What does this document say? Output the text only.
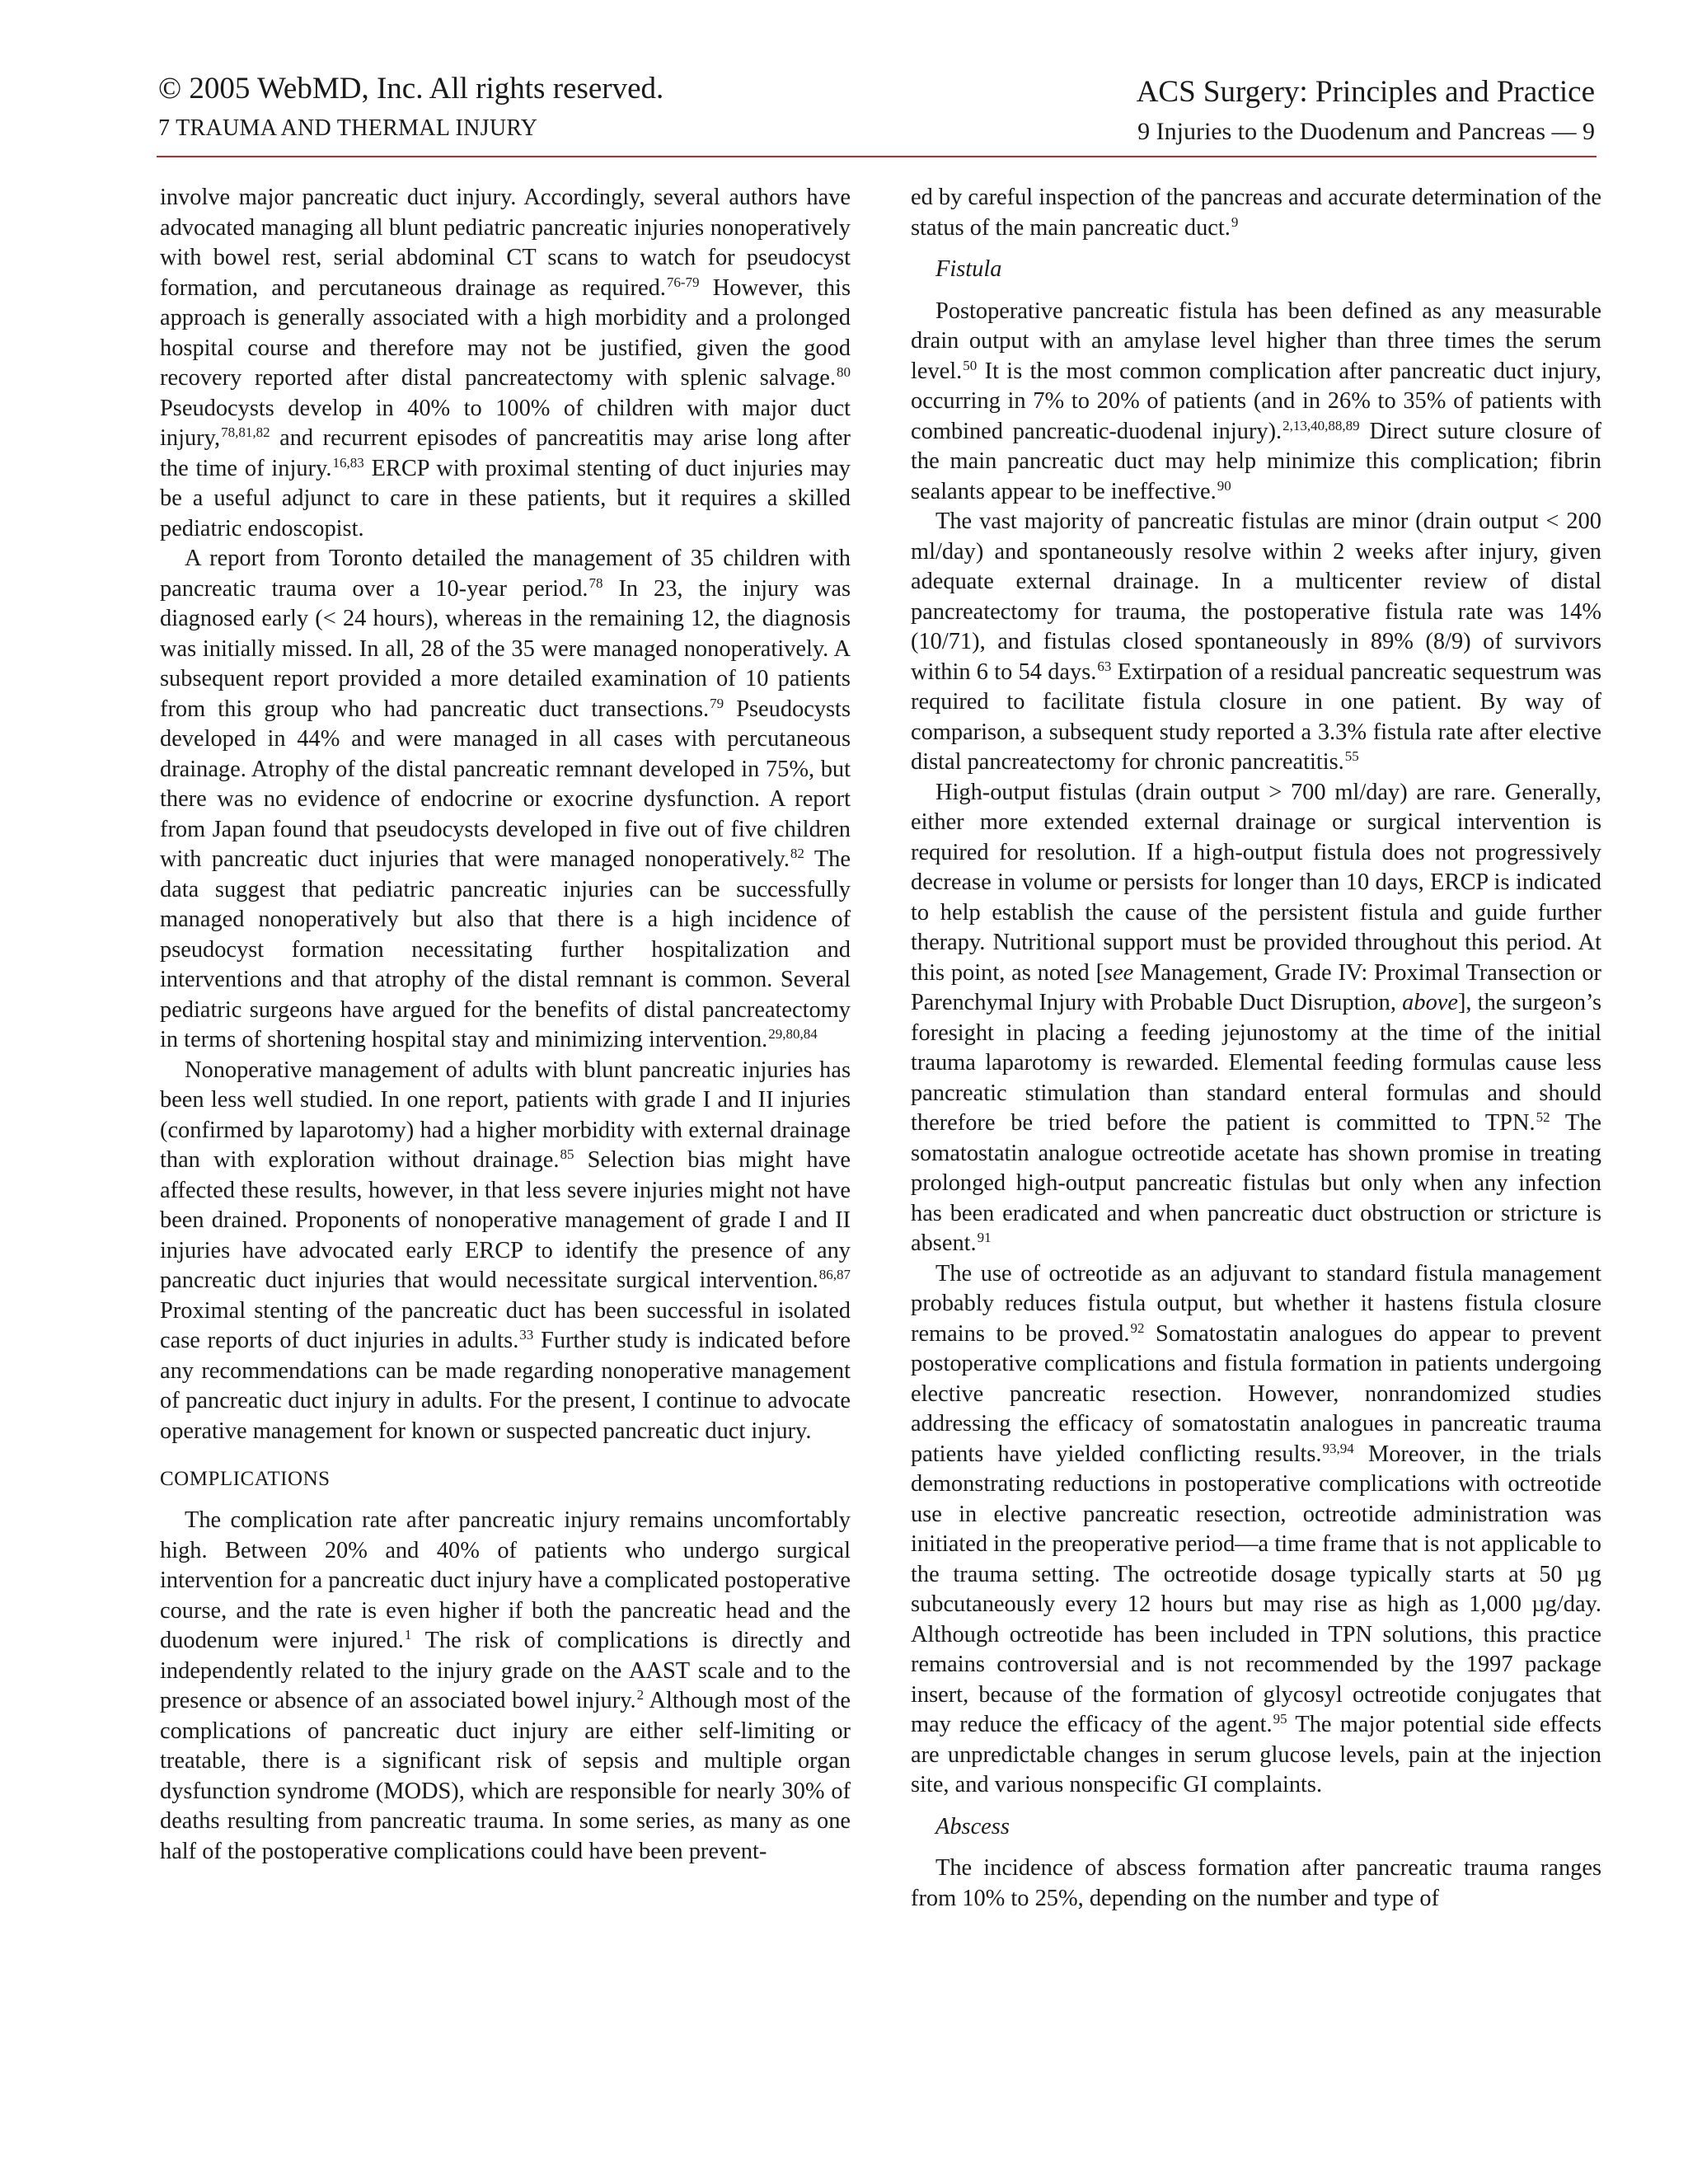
© 2005 WebMD, Inc. All rights reserved.
7 TRAUMA AND THERMAL INJURY
ACS Surgery: Principles and Practice
9 Injuries to the Duodenum and Pancreas — 9

involve major pancreatic duct injury. Accordingly, several authors have advocated managing all blunt pediatric pancreatic injuries nonoperatively with bowel rest, serial abdominal CT scans to watch for pseudocyst formation, and percutaneous drainage as required.$^{76-79}$ However, this approach is generally associated with a high morbidity and a prolonged hospital course and therefore may not be justified, given the good recovery reported after distal pancreatectomy with splenic salvage.$^{80}$ Pseudocysts develop in 40% to 100% of children with major duct injury,$^{78,81,82}$ and recurrent episodes of pancreatitis may arise long after the time of injury.$^{16,83}$ ERCP with proximal stenting of duct injuries may be a useful adjunct to care in these patients, but it requires a skilled pediatric endoscopist.

A report from Toronto detailed the management of 35 children with pancreatic trauma over a 10-year period.$^{78}$ In 23, the injury was diagnosed early (< 24 hours), whereas in the remaining 12, the diagnosis was initially missed. In all, 28 of the 35 were managed nonoperatively. A subsequent report provided a more detailed examination of 10 patients from this group who had pancreatic duct transections.$^{79}$ Pseudocysts developed in 44% and were managed in all cases with percutaneous drainage. Atrophy of the distal pancreatic remnant developed in 75%, but there was no evidence of endocrine or exocrine dysfunction. A report from Japan found that pseudocysts developed in five out of five children with pancreatic duct injuries that were managed nonoperatively.$^{82}$ The data suggest that pediatric pancreatic injuries can be successfully managed nonoperatively but also that there is a high incidence of pseudocyst formation necessitating further hospitalization and interventions and that atrophy of the distal remnant is common. Several pediatric surgeons have argued for the benefits of distal pancreatectomy in terms of shortening hospital stay and minimizing intervention.$^{29,80,84}$

Nonoperative management of adults with blunt pancreatic injuries has been less well studied. In one report, patients with grade I and II injuries (confirmed by laparotomy) had a higher morbidity with external drainage than with exploration without drainage.$^{85}$ Selection bias might have affected these results, however, in that less severe injuries might not have been drained. Proponents of nonoperative management of grade I and II injuries have advocated early ERCP to identify the presence of any pancreatic duct injuries that would necessitate surgical intervention.$^{86,87}$ Proximal stenting of the pancreatic duct has been successful in isolated case reports of duct injuries in adults.$^{33}$ Further study is indicated before any recommendations can be made regarding nonoperative management of pancreatic duct injury in adults. For the present, I continue to advocate operative management for known or suspected pancreatic duct injury.

COMPLICATIONS

The complication rate after pancreatic injury remains uncomfortably high. Between 20% and 40% of patients who undergo surgical intervention for a pancreatic duct injury have a complicated postoperative course, and the rate is even higher if both the pancreatic head and the duodenum were injured.$^1$ The risk of complications is directly and independently related to the injury grade on the AAST scale and to the presence or absence of an associated bowel injury.$^2$ Although most of the complications of pancreatic duct injury are either self-limiting or treatable, there is a significant risk of sepsis and multiple organ dysfunction syndrome (MODS), which are responsible for nearly 30% of deaths resulting from pancreatic trauma. In some series, as many as one half of the postoperative complications could have been prevent-

ed by careful inspection of the pancreas and accurate determination of the status of the main pancreatic duct.$^9$

Fistula

Postoperative pancreatic fistula has been defined as any measurable drain output with an amylase level higher than three times the serum level.$^{50}$ It is the most common complication after pancreatic duct injury, occurring in 7% to 20% of patients (and in 26% to 35% of patients with combined pancreatic-duodenal injury).$^{2,13,40,88,89}$ Direct suture closure of the main pancreatic duct may help minimize this complication; fibrin sealants appear to be ineffective.$^{90}$

The vast majority of pancreatic fistulas are minor (drain output < 200 ml/day) and spontaneously resolve within 2 weeks after injury, given adequate external drainage. In a multicenter review of distal pancreatectomy for trauma, the postoperative fistula rate was 14% (10/71), and fistulas closed spontaneously in 89% (8/9) of survivors within 6 to 54 days.$^{63}$ Extirpation of a residual pancreatic sequestrum was required to facilitate fistula closure in one patient. By way of comparison, a subsequent study reported a 3.3% fistula rate after elective distal pancreatectomy for chronic pancreatitis.$^{55}$

High-output fistulas (drain output > 700 ml/day) are rare. Generally, either more extended external drainage or surgical intervention is required for resolution. If a high-output fistula does not progressively decrease in volume or persists for longer than 10 days, ERCP is indicated to help establish the cause of the persistent fistula and guide further therapy. Nutritional support must be provided throughout this period. At this point, as noted [see Management, Grade IV: Proximal Transection or Parenchymal Injury with Probable Duct Disruption, above], the surgeon’s foresight in placing a feeding jejunostomy at the time of the initial trauma laparotomy is rewarded. Elemental feeding formulas cause less pancreatic stimulation than standard enteral formulas and should therefore be tried before the patient is committed to TPN.$^{52}$ The somatostatin analogue octreotide acetate has shown promise in treating prolonged high-output pancreatic fistulas but only when any infection has been eradicated and when pancreatic duct obstruction or stricture is absent.$^{91}$

The use of octreotide as an adjuvant to standard fistula management probably reduces fistula output, but whether it hastens fistula closure remains to be proved.$^{92}$ Somatostatin analogues do appear to prevent postoperative complications and fistula formation in patients undergoing elective pancreatic resection. However, nonrandomized studies addressing the efficacy of somatostatin analogues in pancreatic trauma patients have yielded conflicting results.$^{93,94}$ Moreover, in the trials demonstrating reductions in postoperative complications with octreotide use in elective pancreatic resection, octreotide administration was initiated in the preoperative period—a time frame that is not applicable to the trauma setting. The octreotide dosage typically starts at 50 µg subcutaneously every 12 hours but may rise as high as 1,000 µg/day. Although octreotide has been included in TPN solutions, this practice remains controversial and is not recommended by the 1997 package insert, because of the formation of glycosyl octreotide conjugates that may reduce the efficacy of the agent.$^{95}$ The major potential side effects are unpredictable changes in serum glucose levels, pain at the injection site, and various nonspecific GI complaints.

Abscess

The incidence of abscess formation after pancreatic trauma ranges from 10% to 25%, depending on the number and type of
